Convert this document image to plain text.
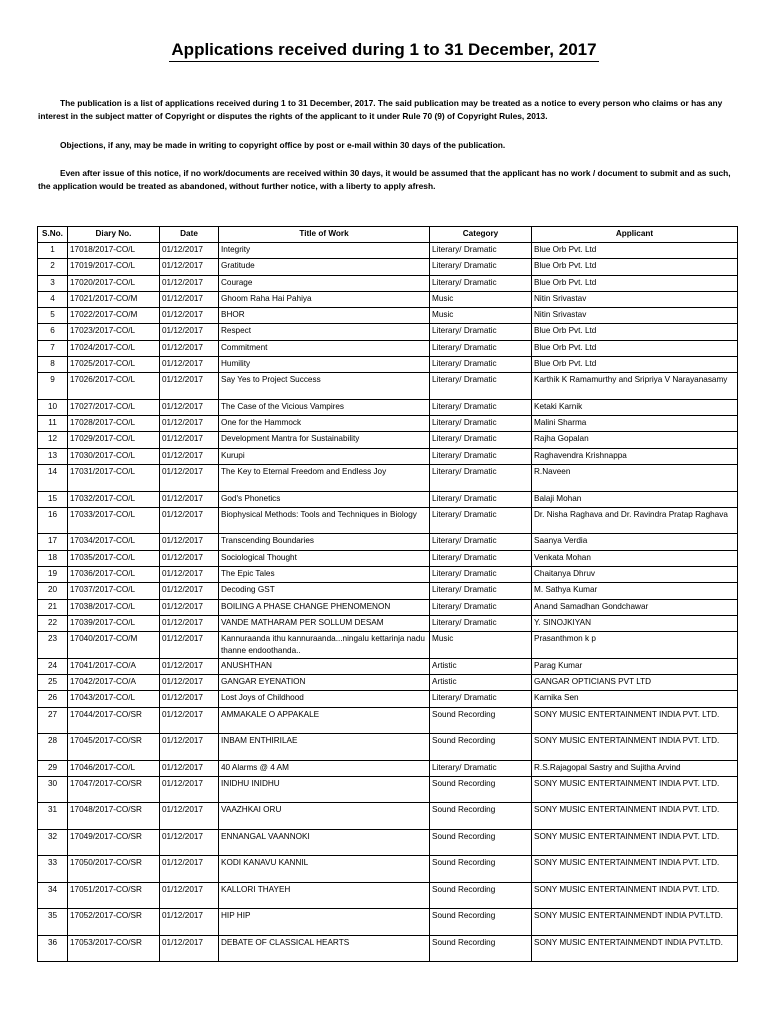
Applications received during 1 to 31 December, 2017

The publication is a list of applications received during 1 to 31 December, 2017. The said publication may be treated as a notice to every person who claims or has any interest in the subject matter of Copyright or disputes the rights of the applicant to it under Rule 70 (9) of Copyright Rules, 2013.

Objections, if any, may be made in writing to copyright office by post or e-mail within 30 days of the publication.

Even after issue of this notice, if no work/documents are received within 30 days, it would be assumed that the applicant has no work / document to submit and as such, the application would be treated as abandoned, without further notice, with a liberty to apply afresh.

S.No.	Diary No.	Date	Title of Work	Category	Applicant
1	17018/2017-CO/L	01/12/2017	Integrity	Literary/ Dramatic	Blue Orb Pvt. Ltd
2	17019/2017-CO/L	01/12/2017	Gratitude	Literary/ Dramatic	Blue Orb Pvt. Ltd
3	17020/2017-CO/L	01/12/2017	Courage	Literary/ Dramatic	Blue Orb Pvt. Ltd
4	17021/2017-CO/M	01/12/2017	Ghoom Raha Hai Pahiya	Music	Nitin Srivastav
5	17022/2017-CO/M	01/12/2017	BHOR	Music	Nitin Srivastav
6	17023/2017-CO/L	01/12/2017	Respect	Literary/ Dramatic	Blue Orb Pvt. Ltd
7	17024/2017-CO/L	01/12/2017	Commitment	Literary/ Dramatic	Blue Orb Pvt. Ltd
8	17025/2017-CO/L	01/12/2017	Humility	Literary/ Dramatic	Blue Orb Pvt. Ltd
9	17026/2017-CO/L	01/12/2017	Say Yes to Project Success	Literary/ Dramatic	Karthik K Ramamurthy and Sripriya V Narayanasamy
10	17027/2017-CO/L	01/12/2017	The Case of the Vicious Vampires	Literary/ Dramatic	Ketaki Karnik
11	17028/2017-CO/L	01/12/2017	One for the Hammock	Literary/ Dramatic	Malini Sharma
12	17029/2017-CO/L	01/12/2017	Development Mantra for Sustainability	Literary/ Dramatic	Rajha Gopalan
13	17030/2017-CO/L	01/12/2017	Kurupi	Literary/ Dramatic	Raghavendra Krishnappa
14	17031/2017-CO/L	01/12/2017	The Key to Eternal Freedom and Endless Joy	Literary/ Dramatic	R.Naveen
15	17032/2017-CO/L	01/12/2017	God's Phonetics	Literary/ Dramatic	Balaji Mohan
16	17033/2017-CO/L	01/12/2017	Biophysical Methods: Tools and Techniques in Biology	Literary/ Dramatic	Dr. Nisha Raghava and Dr. Ravindra Pratap Raghava
17	17034/2017-CO/L	01/12/2017	Transcending Boundaries	Literary/ Dramatic	Saanya Verdia
18	17035/2017-CO/L	01/12/2017	Sociological Thought	Literary/ Dramatic	Venkata Mohan
19	17036/2017-CO/L	01/12/2017	The Epic Tales	Literary/ Dramatic	Chaitanya Dhruv
20	17037/2017-CO/L	01/12/2017	Decoding GST	Literary/ Dramatic	M. Sathya Kumar
21	17038/2017-CO/L	01/12/2017	BOILING A PHASE CHANGE PHENOMENON	Literary/ Dramatic	Anand Samadhan Gondchawar
22	17039/2017-CO/L	01/12/2017	VANDE MATHARAM PER SOLLUM DESAM	Literary/ Dramatic	Y. SINOJKIYAN
23	17040/2017-CO/M	01/12/2017	Kannuraanda ithu kannuraanda...ningalu kettarinja nadu thanne endoothanda..	Music	Prasanthmon k p
24	17041/2017-CO/A	01/12/2017	ANUSHTHAN	Artistic	Parag Kumar
25	17042/2017-CO/A	01/12/2017	GANGAR EYENATION	Artistic	GANGAR OPTICIANS PVT LTD
26	17043/2017-CO/L	01/12/2017	Lost Joys of Childhood	Literary/ Dramatic	Karnika Sen
27	17044/2017-CO/SR	01/12/2017	AMMAKALE O APPAKALE	Sound Recording	SONY MUSIC ENTERTAINMENT INDIA PVT. LTD.
28	17045/2017-CO/SR	01/12/2017	INBAM ENTHIRILAE	Sound Recording	SONY MUSIC ENTERTAINMENT INDIA PVT. LTD.
29	17046/2017-CO/L	01/12/2017	40 Alarms @ 4 AM	Literary/ Dramatic	R.S.Rajagopal Sastry and Sujitha Arvind
30	17047/2017-CO/SR	01/12/2017	INIDHU INIDHU	Sound Recording	SONY MUSIC ENTERTAINMENT INDIA PVT. LTD.
31	17048/2017-CO/SR	01/12/2017	VAAZHKAI ORU	Sound Recording	SONY MUSIC ENTERTAINMENT INDIA PVT. LTD.
32	17049/2017-CO/SR	01/12/2017	ENNANGAL VAANNOKI	Sound Recording	SONY MUSIC ENTERTAINMENT INDIA PVT. LTD.
33	17050/2017-CO/SR	01/12/2017	KODI KANAVU KANNIL	Sound Recording	SONY MUSIC ENTERTAINMENT INDIA PVT. LTD.
34	17051/2017-CO/SR	01/12/2017	KALLORI THAYEH	Sound Recording	SONY MUSIC ENTERTAINMENT INDIA PVT. LTD.
35	17052/2017-CO/SR	01/12/2017	HIP HIP	Sound Recording	SONY MUSIC ENTERTAINMENDT INDIA PVT.LTD.
36	17053/2017-CO/SR	01/12/2017	DEBATE OF CLASSICAL HEARTS	Sound Recording	SONY MUSIC ENTERTAINMENDT INDIA PVT.LTD.
